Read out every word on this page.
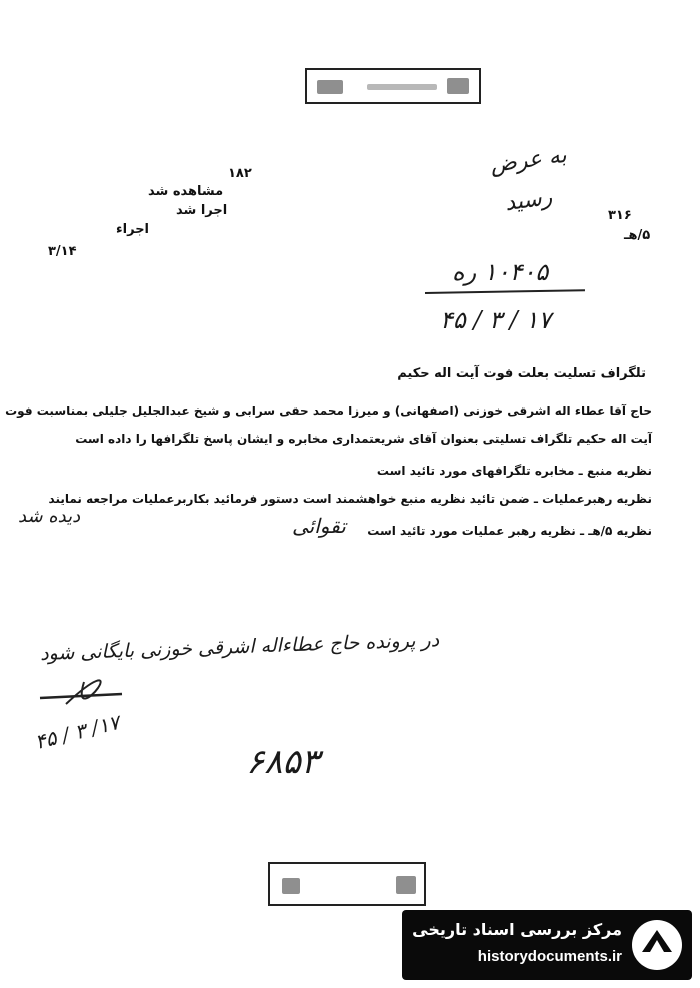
۱۸۲
مشاهده شد
اجرا شد
اجراء
۳/۱۴
به عرض
رسید	۳۱۶
۵/هـ
۱۰۴۰۵ ره
۱۷ / ۳ / ۴۵
تلگراف تسلیت بعلت فوت آیت اله حکیم
حاج آقا عطاء اله اشرقی خوزنی (اصفهانی) و میرزا محمد حقی سرابی و شیخ عبدالجلیل جلیلی بمناسبت فوت
آیت اله حکیم تلگراف تسلیتی بعنوان آقای شریعتمداری مخابره و ایشان پاسخ تلگرافها را داده است
نظریه منبع ـ مخابره تلگرافهای مورد تائید است
نظریه رهبرعملیات ـ ضمن تائید نظریه منبع خواهشمند است دستور فرمائید بکاربرعملیات مراجعه نمایند
نظریه ۵/هـ ـ نظریه رهبر عملیات مورد تائید است
تقوائی
دیده شد
در پرونده حاج عطاءاله اشرقی خوزنی بایگانی شود
۱۷/ ۳ / ۴۵
۶۸۵۳
مرکز بررسی اسناد تاریخی
historydocuments.ir
